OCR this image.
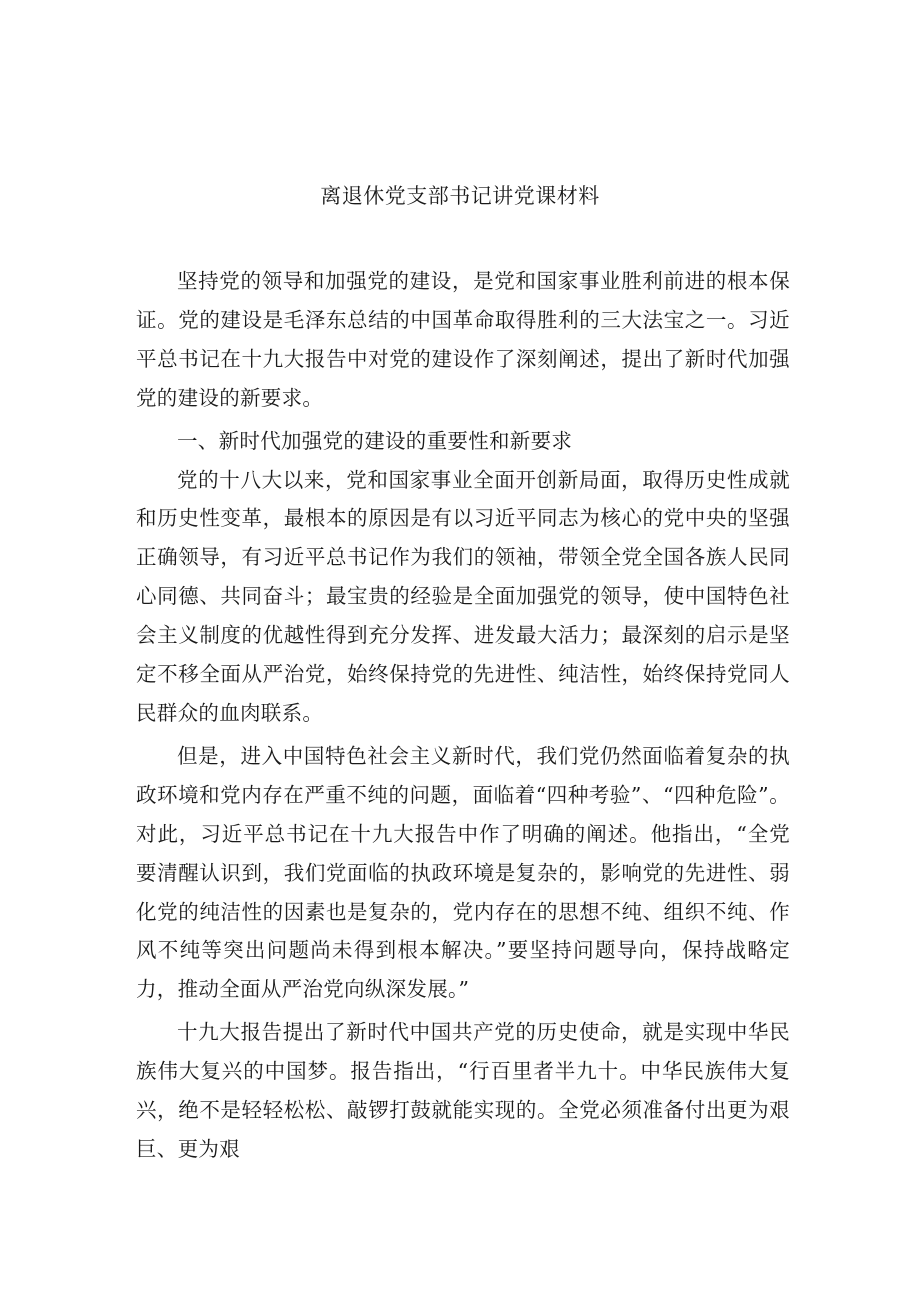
离退休党支部书记讲党课材料

坚持党的领导和加强党的建设，是党和国家事业胜利前进的根本保证。党的建设是毛泽东总结的中国革命取得胜利的三大法宝之一。习近平总书记在十九大报告中对党的建设作了深刻阐述，提出了新时代加强党的建设的新要求。

一、新时代加强党的建设的重要性和新要求

党的十八大以来，党和国家事业全面开创新局面，取得历史性成就和历史性变革，最根本的原因是有以习近平同志为核心的党中央的坚强正确领导，有习近平总书记作为我们的领袖，带领全党全国各族人民同心同德、共同奋斗；最宝贵的经验是全面加强党的领导，使中国特色社会主义制度的优越性得到充分发挥、进发最大活力；最深刻的启示是坚定不移全面从严治党，始终保持党的先进性、纯洁性，始终保持党同人民群众的血肉联系。

但是，进入中国特色社会主义新时代，我们党仍然面临着复杂的执政环境和党内存在严重不纯的问题，面临着“四种考验”、“四种危险”。对此，习近平总书记在十九大报告中作了明确的阐述。他指出，“全党要清醒认识到，我们党面临的执政环境是复杂的，影响党的先进性、弱化党的纯洁性的因素也是复杂的，党内存在的思想不纯、组织不纯、作风不纯等突出问题尚未得到根本解决。”要坚持问题导向，保持战略定力，推动全面从严治党向纵深发展。”

十九大报告提出了新时代中国共产党的历史使命，就是实现中华民族伟大复兴的中国梦。报告指出，“行百里者半九十。中华民族伟大复兴，绝不是轻轻松松、敲锣打鼓就能实现的。全党必须准备付出更为艰巨、更为艰
